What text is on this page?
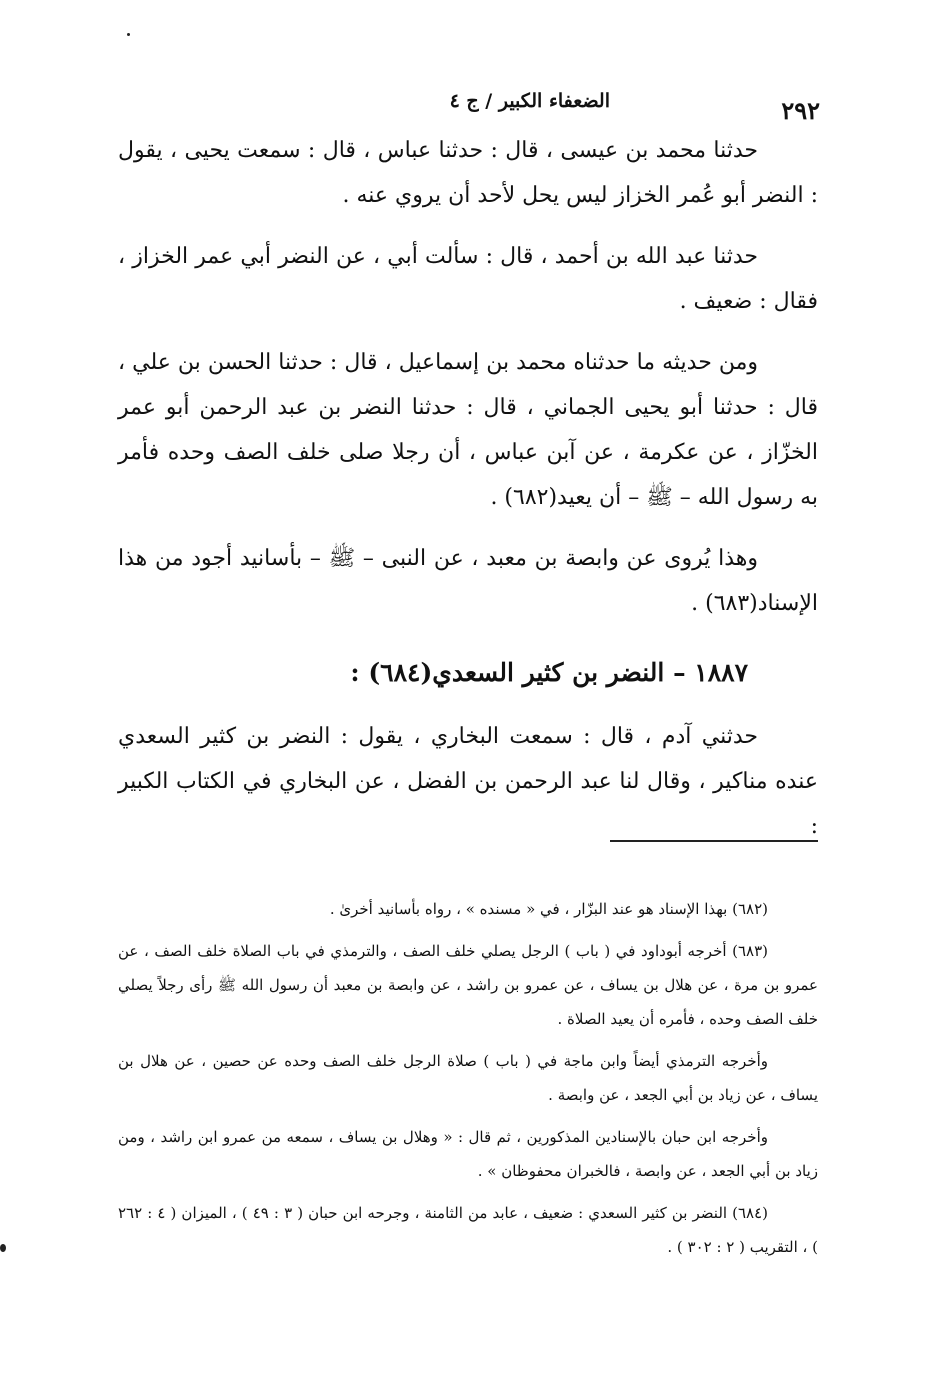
٢٩٢
الضعفاء الكبير / ج ٤

حدثنا محمد بن عيسى ، قال : حدثنا عباس ، قال : سمعت يحيى ، يقول : النضر أبو عُمر الخزاز ليس يحل لأحد أن يروي عنه .

حدثنا عبد الله بن أحمد ، قال : سألت أبي ، عن النضر أبي عمر الخزاز ، فقال : ضعيف .

ومن حديثه ما حدثناه محمد بن إسماعيل ، قال : حدثنا الحسن بن علي ، قال : حدثنا أبو يحيى الجماني ، قال : حدثنا النضر بن عبد الرحمن أبو عمر الخزّاز ، عن عكرمة ، عن آبن عباس ، أن رجلا صلى خلف الصف وحده فأمر به رسول الله – ﷺ – أن يعيد(٦٨٢) .

وهذا يُروى عن وابصة بن معبد ، عن النبى – ﷺ – بأسانيد أجود من هذا الإسناد(٦٨٣) .

١٨٨٧ – النضر بن كثير السعدي(٦٨٤) :

حدثني آدم ، قال : سمعت البخاري ، يقول : النضر بن كثير السعدي عنده مناكير ، وقال لنا عبد الرحمن بن الفضل ، عن البخاري في الكتاب الكبير :

(٦٨٢) بهذا الإسناد هو عند البزّار ، في « مسنده » ، رواه بأسانيد أخرىٰ .

(٦٨٣) أخرجه أبوداود في ( باب ) الرجل يصلي خلف الصف ، والترمذي في باب الصلاة خلف الصف ، عن عمرو بن مرة ، عن هلال بن يساف ، عن عمرو بن راشد ، عن وابصة بن معبد أن رسول الله ﷺ رأى رجلاً يصلي خلف الصف وحده ، فأمره أن يعيد الصلاة .

وأخرجه الترمذي أيضاً وابن ماجة في ( باب ) صلاة الرجل خلف الصف وحده عن حصين ، عن هلال بن يساف ، عن زياد بن أبي الجعد ، عن وابصة .

وأخرجه ابن حبان بالإسنادين المذكورين ، ثم قال : « وهلال بن يساف ، سمعه من عمرو ابن راشد ، ومن زياد بن أبي الجعد ، عن وابصة ، فالخبران محفوظان » .

(٦٨٤) النضر بن كثير السعدي : ضعيف ، عابد من الثامنة ، وجرحه ابن حبان ( ٣ : ٤٩ ) ، الميزان ( ٤ : ٢٦٢ ) ، التقريب ( ٢ : ٣٠٢ ) .
